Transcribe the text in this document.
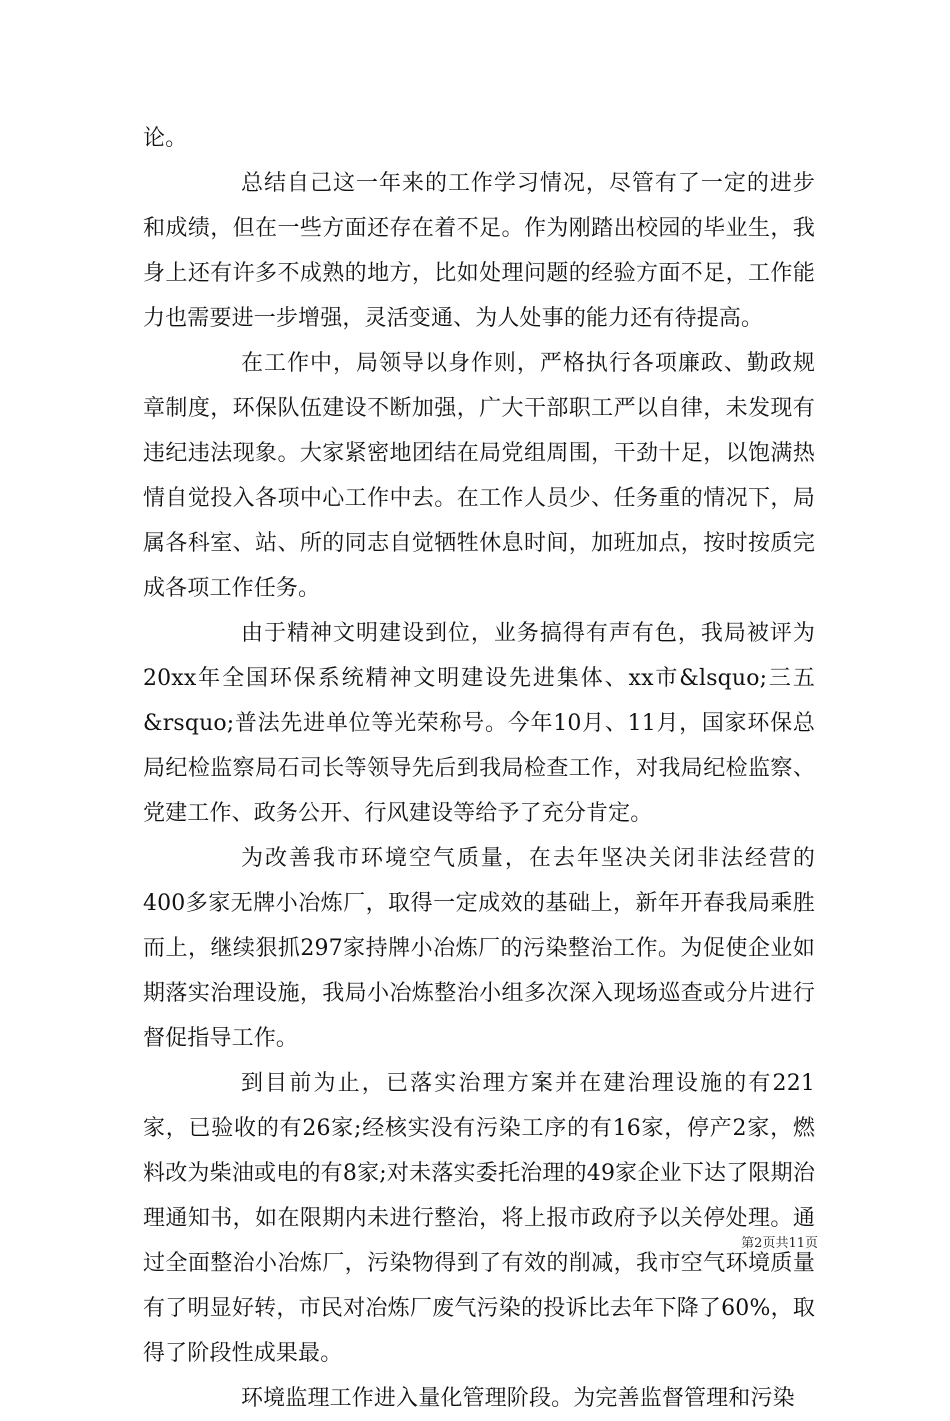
论。

总结自己这一年来的工作学习情况，尽管有了一定的进步和成绩，但在一些方面还存在着不足。作为刚踏出校园的毕业生，我身上还有许多不成熟的地方，比如处理问题的经验方面不足，工作能力也需要进一步增强，灵活变通、为人处事的能力还有待提高。

在工作中，局领导以身作则，严格执行各项廉政、勤政规章制度，环保队伍建设不断加强，广大干部职工严以自律，未发现有违纪违法现象。大家紧密地团结在局党组周围，干劲十足，以饱满热情自觉投入各项中心工作中去。在工作人员少、任务重的情况下，局属各科室、站、所的同志自觉牺牲休息时间，加班加点，按时按质完成各项工作任务。

由于精神文明建设到位，业务搞得有声有色，我局被评为20xx年全国环保系统精神文明建设先进集体、xx市&lsquo;三五&rsquo;普法先进单位等光荣称号。今年10月、11月，国家环保总局纪检监察局石司长等领导先后到我局检查工作，对我局纪检监察、党建工作、政务公开、行风建设等给予了充分肯定。

为改善我市环境空气质量，在去年坚决关闭非法经营的400多家无牌小冶炼厂，取得一定成效的基础上，新年开春我局乘胜而上，继续狠抓297家持牌小冶炼厂的污染整治工作。为促使企业如期落实治理设施，我局小冶炼整治小组多次深入现场巡查或分片进行督促指导工作。

到目前为止，已落实治理方案并在建治理设施的有221家，已验收的有26家;经核实没有污染工序的有16家，停产2家，燃料改为柴油或电的有8家;对未落实委托治理的49家企业下达了限期治理通知书，如在限期内未进行整治，将上报市政府予以关停处理。通过全面整治小冶炼厂，污染物得到了有效的削减，我市空气环境质量有了明显好转，市民对冶炼厂废气污染的投诉比去年下降了60%，取得了阶段性成果最。

环境监理工作进入量化管理阶段。为完善监督管理和污染

第2页共11页
